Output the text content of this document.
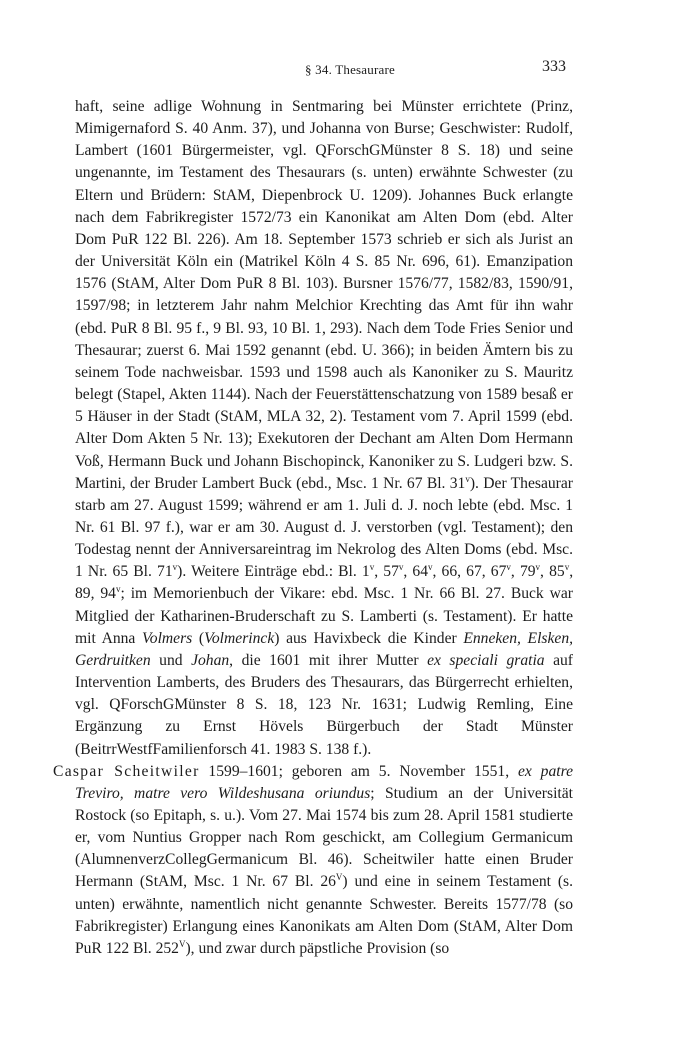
§ 34. Thesaurare	333

haft, seine adlige Wohnung in Sentmaring bei Münster errichtete (Prinz, Mimigernaford S. 40 Anm. 37), und Johanna von Burse; Geschwister: Rudolf, Lambert (1601 Bürgermeister, vgl. QForschGMünster 8 S. 18) und seine ungenannte, im Testament des Thesaurars (s. unten) erwähnte Schwester (zu Eltern und Brüdern: StAM, Diepenbrock U. 1209). Johannes Buck erlangte nach dem Fabrikregister 1572/73 ein Kanonikat am Alten Dom (ebd. Alter Dom PuR 122 Bl. 226). Am 18. September 1573 schrieb er sich als Jurist an der Universität Köln ein (Matrikel Köln 4 S. 85 Nr. 696, 61). Emanzipation 1576 (StAM, Alter Dom PuR 8 Bl. 103). Bursner 1576/77, 1582/83, 1590/91, 1597/98; in letzterem Jahr nahm Melchior Krechting das Amt für ihn wahr (ebd. PuR 8 Bl. 95 f., 9 Bl. 93, 10 Bl. 1, 293). Nach dem Tode Fries Senior und Thesaurar; zuerst 6. Mai 1592 genannt (ebd. U. 366); in beiden Ämtern bis zu seinem Tode nachweisbar. 1593 und 1598 auch als Kanoniker zu S. Mauritz belegt (Stapel, Akten 1144). Nach der Feuerstättenschatzung von 1589 besaß er 5 Häuser in der Stadt (StAM, MLA 32, 2). Testament vom 7. April 1599 (ebd. Alter Dom Akten 5 Nr. 13); Exekutoren der Dechant am Alten Dom Hermann Voß, Hermann Buck und Johann Bischopinck, Kanoniker zu S. Ludgeri bzw. S. Martini, der Bruder Lambert Buck (ebd., Msc. 1 Nr. 67 Bl. 31$^v$). Der Thesaurar starb am 27. August 1599; während er am 1. Juli d. J. noch lebte (ebd. Msc. 1 Nr. 61 Bl. 97 f.), war er am 30. August d. J. verstorben (vgl. Testament); den Todestag nennt der Anniversareintrag im Nekrolog des Alten Doms (ebd. Msc. 1 Nr. 65 Bl. 71$^v$). Weitere Einträge ebd.: Bl. 1$^v$, 57$^v$, 64$^v$, 66, 67, 67$^v$, 79$^v$, 85$^v$, 89, 94$^v$; im Memorienbuch der Vikare: ebd. Msc. 1 Nr. 66 Bl. 27. Buck war Mitglied der Katharinen-Bruderschaft zu S. Lamberti (s. Testament). Er hatte mit Anna Volmers (Volmerinck) aus Havixbeck die Kinder Enneken, Elsken, Gerdruitken und Johan, die 1601 mit ihrer Mutter ex speciali gratia auf Intervention Lamberts, des Bruders des Thesaurars, das Bürgerrecht erhielten, vgl. QForschGMünster 8 S. 18, 123 Nr. 1631; Ludwig Remling, Eine Ergänzung zu Ernst Hövels Bürgerbuch der Stadt Münster (BeitrrWestfFamilienforsch 41. 1983 S. 138 f.).

Caspar Scheitwiler 1599–1601; geboren am 5. November 1551, ex patre Treviro, matre vero Wildeshusana oriundus; Studium an der Universität Rostock (so Epitaph, s. u.). Vom 27. Mai 1574 bis zum 28. April 1581 studierte er, vom Nuntius Gropper nach Rom geschickt, am Collegium Germanicum (AlumnenverzCollegGermanicum Bl. 46). Scheitwiler hatte einen Bruder Hermann (StAM, Msc. 1 Nr. 67 Bl. $26^V$) und eine in seinem Testament (s. unten) erwähnte, namentlich nicht genannte Schwester. Bereits 1577/78 (so Fabrikregister) Erlangung eines Kanonikats am Alten Dom (StAM, Alter Dom PuR 122 Bl. $252^V$), und zwar durch päpstliche Provision (so
